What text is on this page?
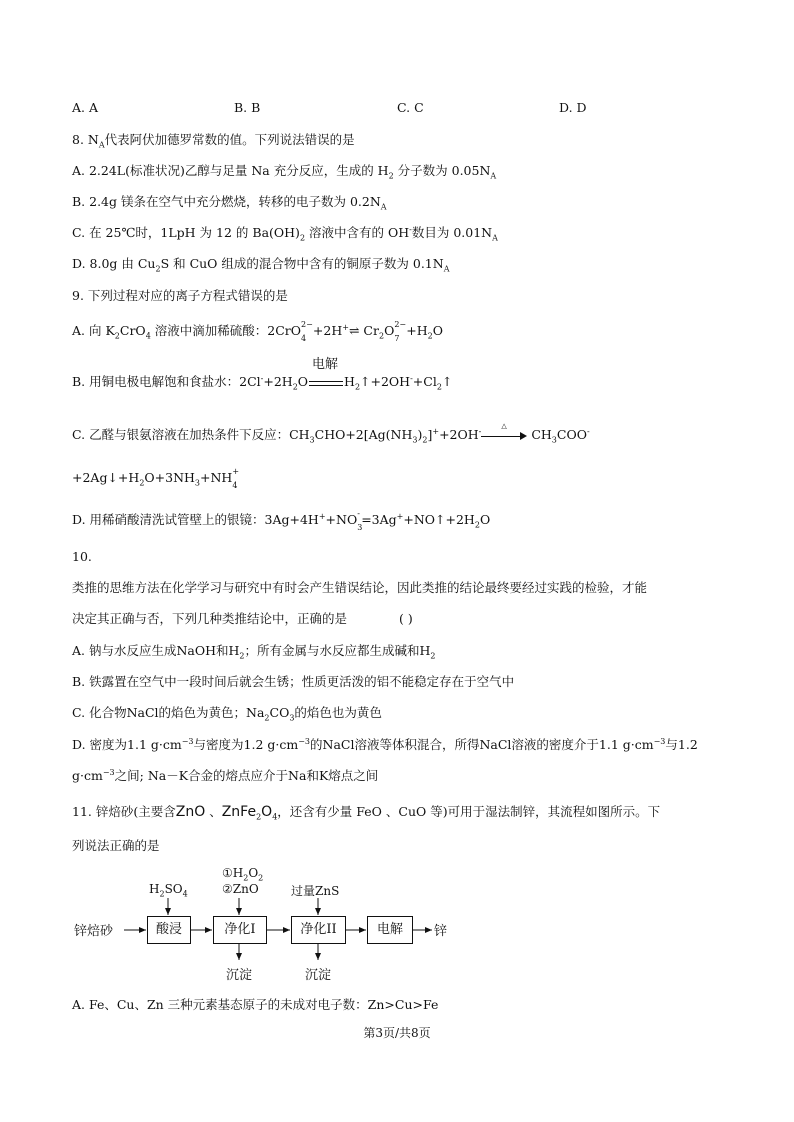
A. A	B. B	C. C	D. D
8. $N_A$代表阿伏加德罗常数的值。下列说法错误的是
A. 2.24L(标准状况)乙醇与足量 Na 充分反应，生成的 $H_2$ 分子数为 $0.05N_A$
B. 2.4g 镁条在空气中充分燃烧，转移的电子数为 $0.2N_A$
C. 在 25℃时，1LpH 为 12 的 $Ba(OH)_2$ 溶液中含有的 OH-数目为 $0.01N_A$
D. 8.0g 由 $Cu_2S$ 和 CuO 组成的混合物中含有的铜原子数为 $0.1N_A$
9. 下列过程对应的离子方程式错误的是
A. 向 $K_2CrO_4$ 溶液中滴加稀硫酸：2CrO 2−
4
+2H+⇌ $Cr_2O$ 2−
7
$+H_2O$
B. 用铜电极电解饱和食盐水：$2Cl^-+2H_2O$
电解
$H_2↑+2OH^-+Cl_2↑$
C. 乙醛与银氨溶液在加热条件下反应：$CH_3CHO+2[Ag(NH_3)_2]^++2OH^-$
△
$CH_3COO^-$
$+2Ag↓+H_2O+3NH_3+NH$ +
4

D. 用稀硝酸清洗试管壁上的银镜：3Ag+4H++NO -
3
$=3Ag^++NO↑+2H_2O$
10.
类推的思维方法在化学学习与研究中有时会产生错误结论，因此类推的结论最终要经过实践的检验，才能
决定其正确与否，下列几种类推结论中，正确的是	( )
A. 钠与水反应生成NaOH和$H_2$；所有金属与水反应都生成碱和$H_2$
B. 铁露置在空气中一段时间后就会生锈；性质更活泼的铝不能稳定存在于空气中
C. 化合物NaCl的焰色为黄色；$Na_2CO_3$的焰色也为黄色
D. 密度为1.1 $g\cdot cm^{-3}$与密度为1.2 $g\cdot cm^{-3}$的NaCl溶液等体积混合，所得NaCl溶液的密度介于1.1 $g\cdot cm^{-3}$与1.2
$g\cdot cm^{-3}$之间; Na－K合金的熔点应介于Na和K熔点之间
11. 锌焙砂(主要含ZnO 、$ZnFe_2O_4$，还含有少量 FeO 、CuO 等)可用于湿法制锌，其流程如图所示。下
列说法正确的是
锌焙砂	酸浸	净化I	净化II	电解	锌
$H_2SO_4$
$①H_2O_2$
②ZnO	过量ZnS
沉淀	沉淀
A. Fe、Cu、Zn 三种元素基态原子的未成对电子数：Zn>Cu>Fe
第3页/共8页
